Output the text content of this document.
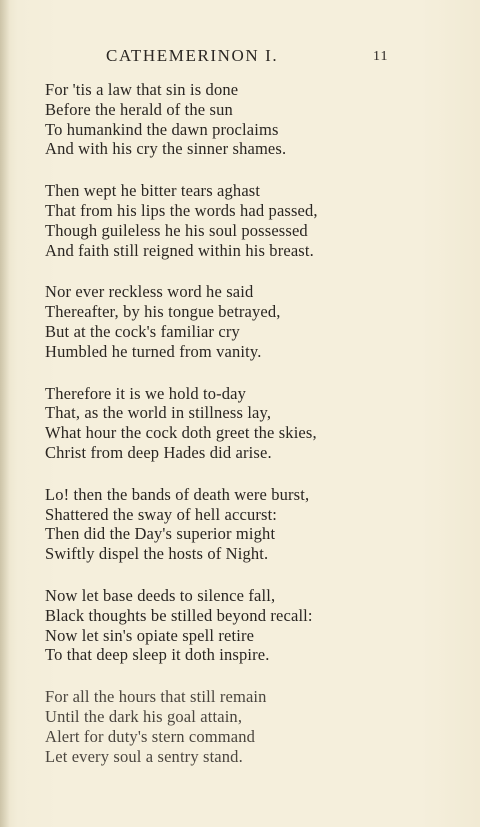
CATHEMERINON I.	11
For 'tis a law that sin is done
Before the herald of the sun
To humankind the dawn proclaims
And with his cry the sinner shames.
Then wept he bitter tears aghast
That from his lips the words had passed,
Though guileless he his soul possessed
And faith still reigned within his breast.
Nor ever reckless word he said
Thereafter, by his tongue betrayed,
But at the cock's familiar cry
Humbled he turned from vanity.
Therefore it is we hold to-day
That, as the world in stillness lay,
What hour the cock doth greet the skies,
Christ from deep Hades did arise.
Lo! then the bands of death were burst,
Shattered the sway of hell accurst:
Then did the Day's superior might
Swiftly dispel the hosts of Night.
Now let base deeds to silence fall,
Black thoughts be stilled beyond recall:
Now let sin's opiate spell retire
To that deep sleep it doth inspire.
For all the hours that still remain
Until the dark his goal attain,
Alert for duty's stern command
Let every soul a sentry stand.
